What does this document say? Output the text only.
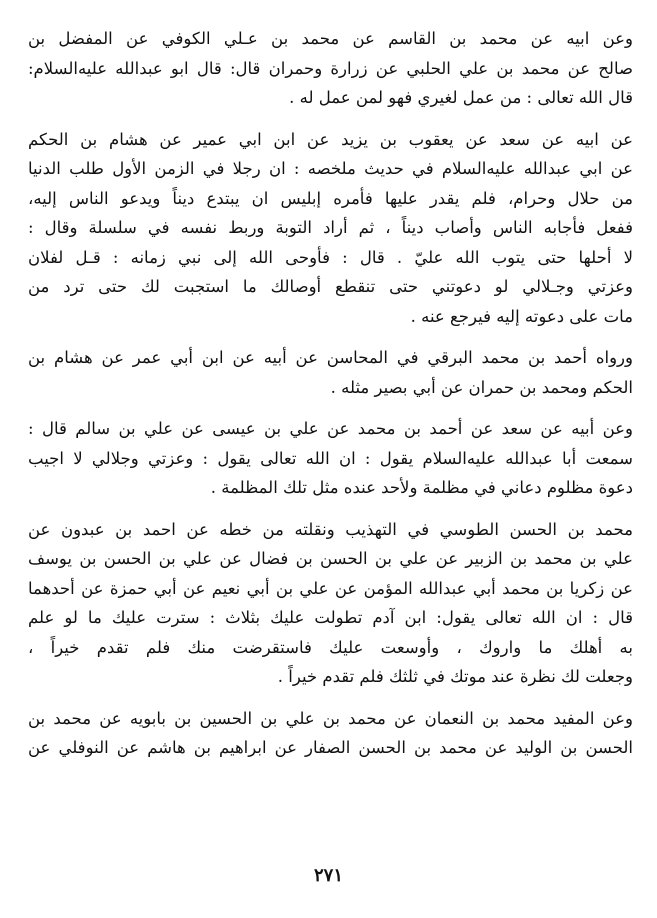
وعن ابيه عن محمد بن القاسم عن محمد بن عـلي الكوفي عن المفضل بن
صالح عن محمد بن علي الحلبي عن زرارة وحمران قال: قال ابو عبدالله عليه‌السلام:
قال الله تعالى : من عمل لغيري فهو لمن عمل له .
عن ابيه عن سعد عن يعقوب بن يزيد عن ابن ابي عمير عن هشام بن الحكم
عن ابي عبدالله عليه‌السلام في حديث ملخصه : ان رجلا في الزمن الأول طلب الدنيا
من حلال وحرام، فلم يقدر عليها فأمره إبليس ان يبتدع ديناً ويدعو الناس إليه،
ففعل فأجابه الناس وأصاب ديناً ، ثم أراد التوبة وربط نفسه في سلسلة وقال :
لا أحلها حتى يتوب الله عليّ . قال : فأوحى الله إلى نبي زمانه : قـل لفلان
وعزتي وجـلالي لو دعوتني حتى تنقطع أوصالك ما استجبت لك حتى ترد من
مات على دعوته إليه فيرجع عنه .
ورواه أحمد بن محمد البرقي في المحاسن عن أبيه عن ابن أبي عمر عن هشام بن
الحكم ومحمد بن حمران عن أبي بصير مثله .
وعن أبيه عن سعد عن أحمد بن محمد عن علي بن عيسى عن علي بن سالم قال :
سمعت أبا عبدالله عليه‌السلام يقول : ان الله تعالى يقول : وعزتي وجلالي لا اجيب
دعوة مظلوم دعاني في مظلمة ولأحد عنده مثل تلك المظلمة .
محمد بن الحسن الطوسي في التهذيب ونقلته من خطه عن احمد بن عبدون عن
علي بن محمد بن الزبير عن علي بن الحسن بن فضال عن علي بن الحسن بن يوسف
عن زكريا بن محمد أبي عبدالله المؤمن عن علي بن أبي نعيم عن أبي حمزة عن أحدهما
قال : ان الله تعالى يقول: ابن آدم تطولت عليك بثلاث : سترت عليك ما لو علم
به أهلك ما واروك ، وأوسعت عليك فاستقرضت منك فلم تقدم خيراً ،
وجعلت لك نظرة عند موتك في ثلثك فلم تقدم خيراً .
وعن المفيد محمد بن النعمان عن محمد بن علي بن الحسين بن بابويه عن محمد بن
الحسن بن الوليد عن محمد بن الحسن الصفار عن ابراهيم بن هاشم عن النوفلي عن
٢٧١
